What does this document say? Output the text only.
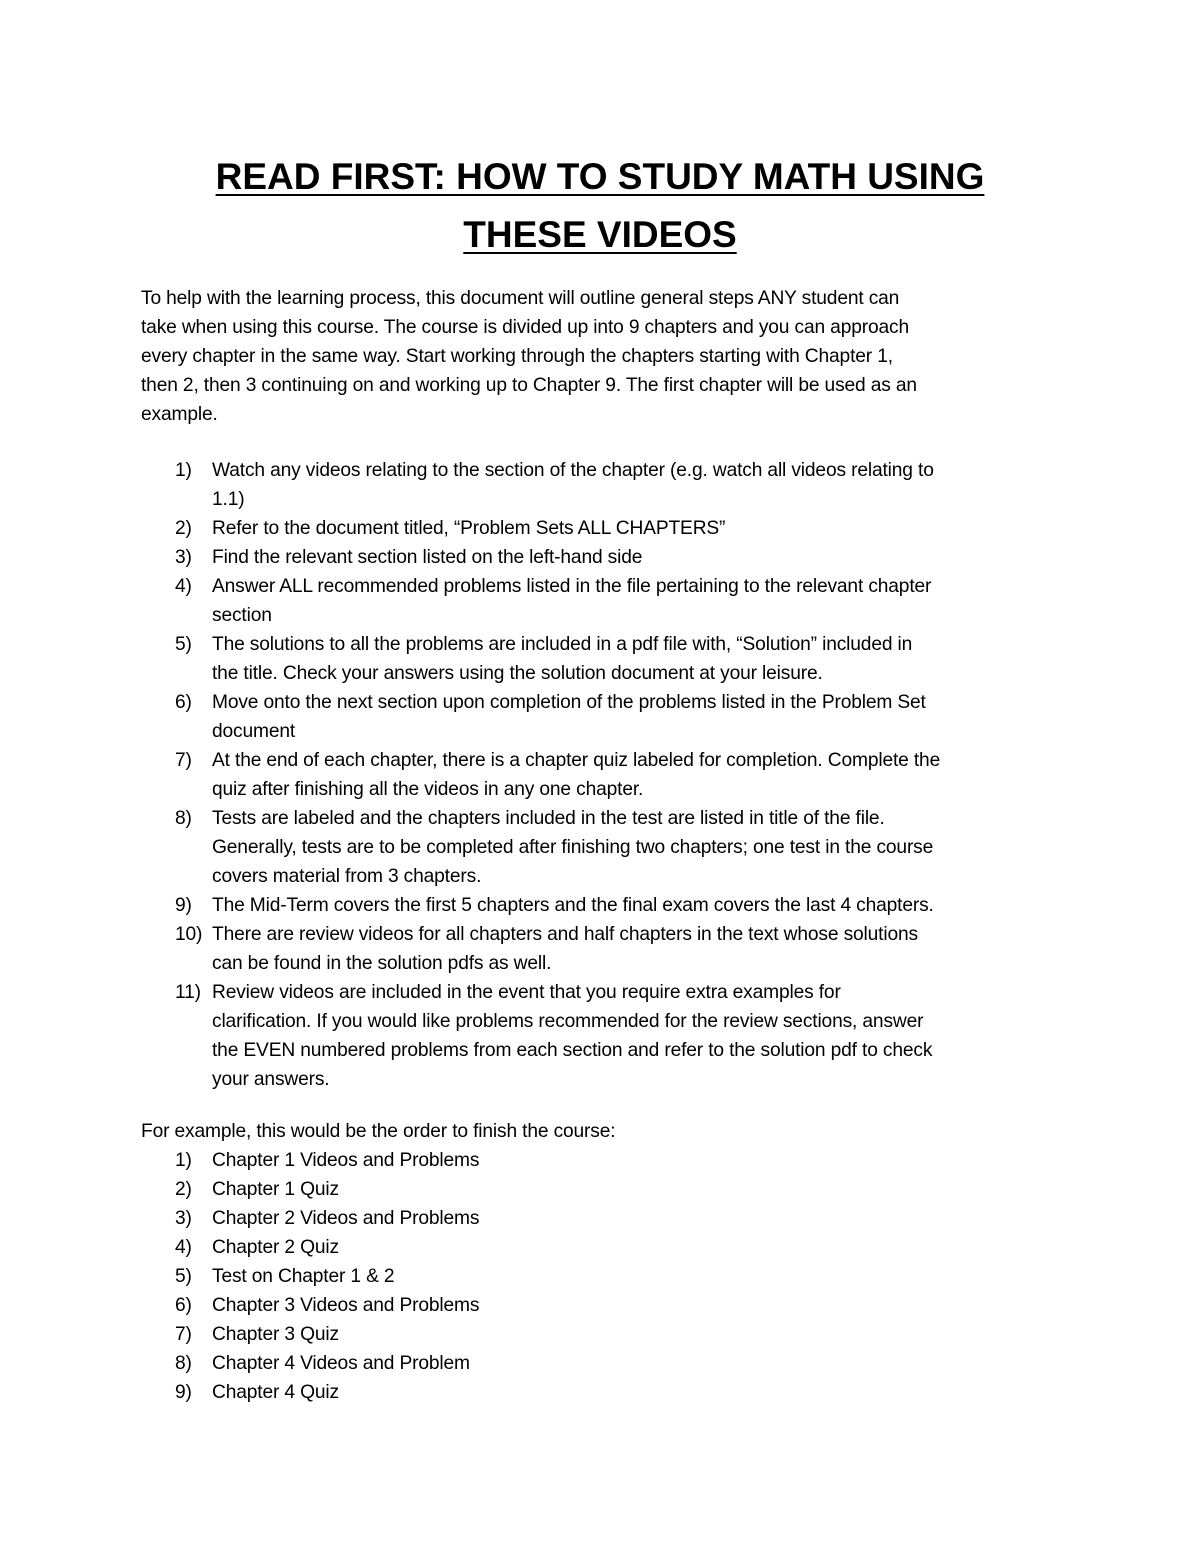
READ FIRST: HOW TO STUDY MATH USING
THESE VIDEOS
To help with the learning process, this document will outline general steps ANY student can
take when using this course. The course is divided up into 9 chapters and you can approach
every chapter in the same way. Start working through the chapters starting with Chapter 1,
then 2, then 3 continuing on and working up to Chapter 9. The first chapter will be used as an
example.
1)	Watch any videos relating to the section of the chapter (e.g. watch all videos relating to
1.1)
2)	Refer to the document titled, “Problem Sets ALL CHAPTERS”
3)	Find the relevant section listed on the left-hand side
4)	Answer ALL recommended problems listed in the file pertaining to the relevant chapter
section
5)	The solutions to all the problems are included in a pdf file with, “Solution” included in
the title. Check your answers using the solution document at your leisure.
6)	Move onto the next section upon completion of the problems listed in the Problem Set
document
7)	At the end of each chapter, there is a chapter quiz labeled for completion. Complete the
quiz after finishing all the videos in any one chapter.
8)	Tests are labeled and the chapters included in the test are listed in title of the file.
Generally, tests are to be completed after finishing two chapters; one test in the course
covers material from 3 chapters.
9)	The Mid-Term covers the first 5 chapters and the final exam covers the last 4 chapters.
10) There are review videos for all chapters and half chapters in the text whose solutions
can be found in the solution pdfs as well.
11) Review videos are included in the event that you require extra examples for
clarification. If you would like problems recommended for the review sections, answer
the EVEN numbered problems from each section and refer to the solution pdf to check
your answers.
For example, this would be the order to finish the course:
1)	Chapter 1 Videos and Problems
2)	Chapter 1 Quiz
3)	Chapter 2 Videos and Problems
4)	Chapter 2 Quiz
5)	Test on Chapter 1 & 2
6)	Chapter 3 Videos and Problems
7)	Chapter 3 Quiz
8)	Chapter 4 Videos and Problem
9)	Chapter 4 Quiz
